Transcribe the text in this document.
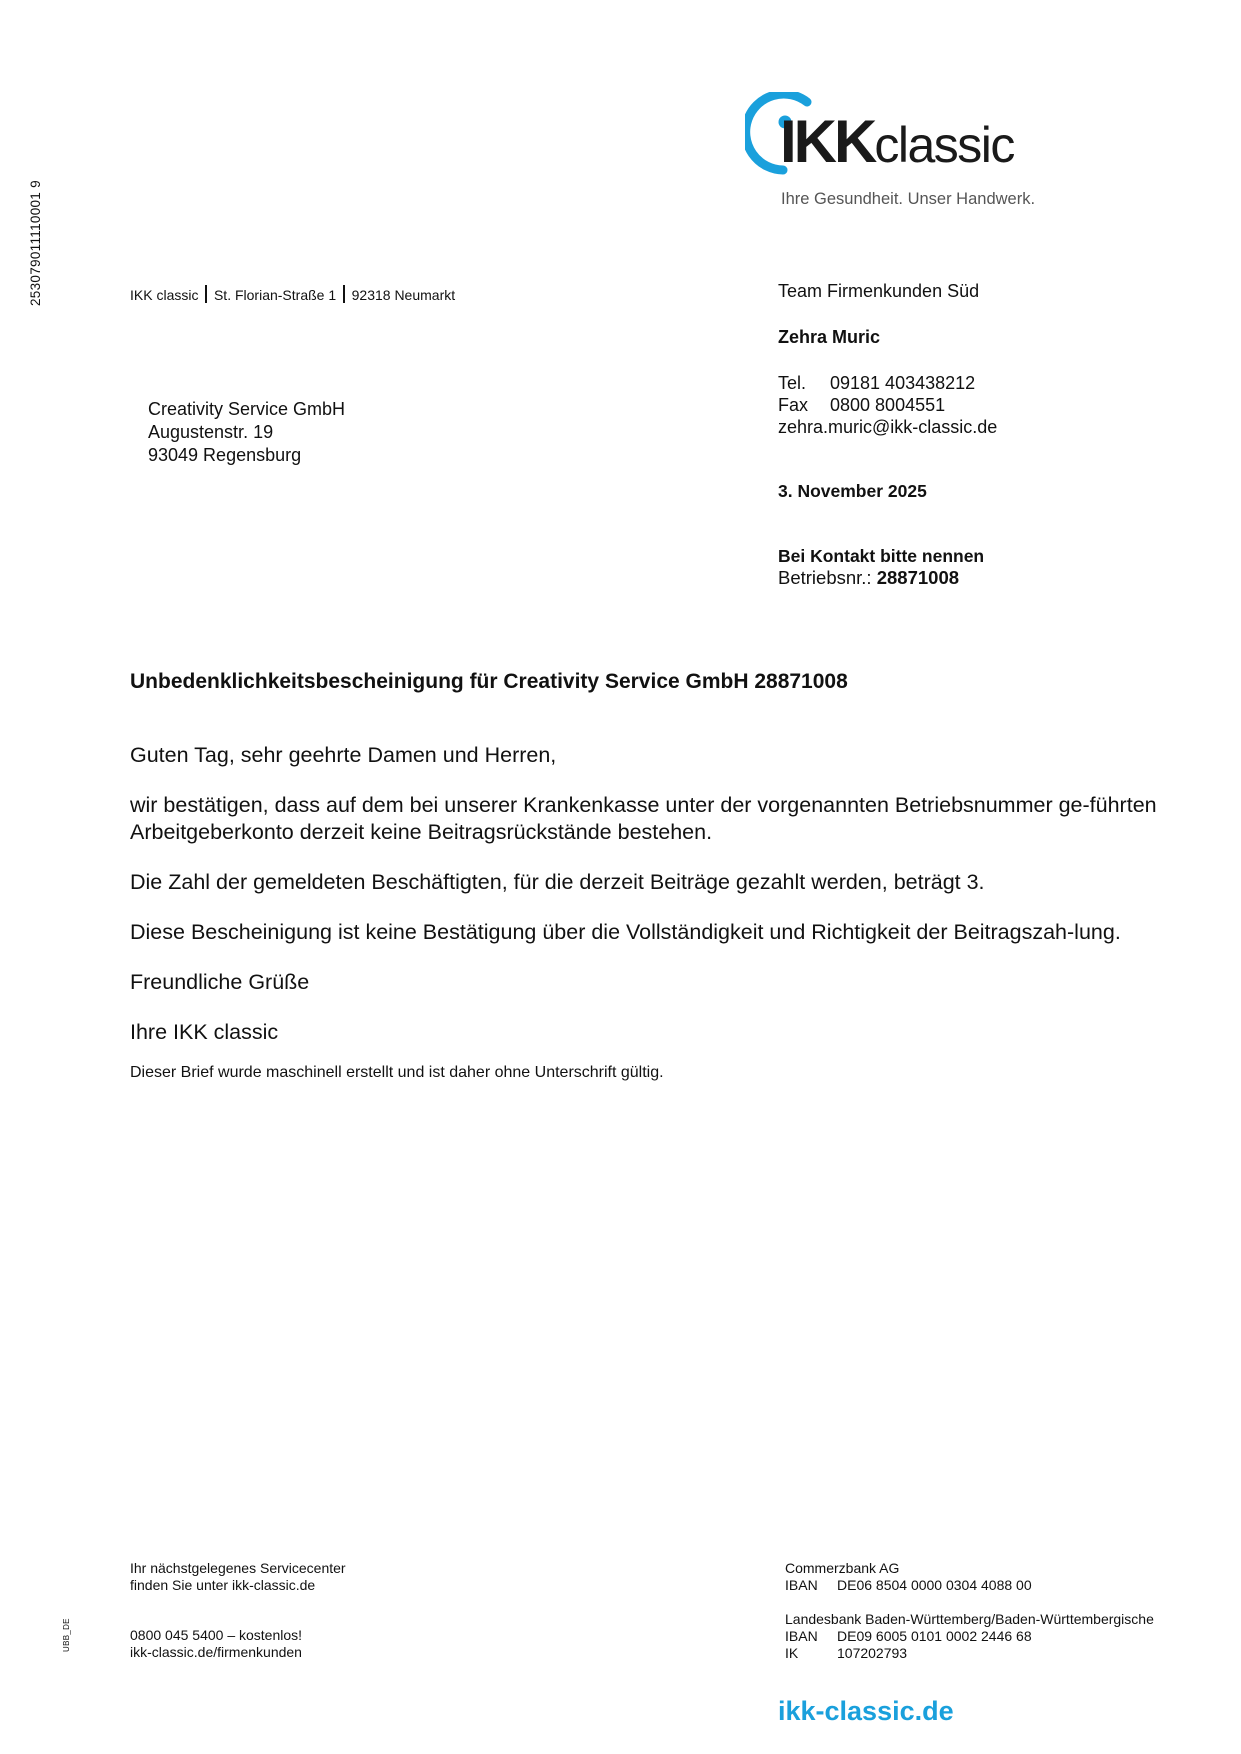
253079011110001 9
UBB_DE
IKKclassic
Ihre Gesundheit. Unser Handwerk.
IKK classic St. Florian-Straße 1 92318 Neumarkt
Creativity Service GmbH
Augustenstr. 19
93049 Regensburg
Team Firmenkunden Süd
Zehra Muric
Tel. 09181 403438212
Fax 0800 8004551
zehra.muric@ikk-classic.de
3. November 2025
Bei Kontakt bitte nennen
Betriebsnr.: 28871008
Unbedenklichkeitsbescheinigung für Creativity Service GmbH 28871008

Guten Tag, sehr geehrte Damen und Herren,

wir bestätigen, dass auf dem bei unserer Krankenkasse unter der vorgenannten Betriebsnummer ge-führten Arbeitgeberkonto derzeit keine Beitragsrückstände bestehen.

Die Zahl der gemeldeten Beschäftigten, für die derzeit Beiträge gezahlt werden, beträgt 3.

Diese Bescheinigung ist keine Bestätigung über die Vollständigkeit und Richtigkeit der Beitragszah-lung.

Freundliche Grüße

Ihre IKK classic

Dieser Brief wurde maschinell erstellt und ist daher ohne Unterschrift gültig.

Ihr nächstgelegenes Servicecenter
finden Sie unter ikk-classic.de
0800 045 5400 – kostenlos!
ikk-classic.de/firmenkunden
Commerzbank AG
IBAN DE06 8504 0000 0304 4088 00
Landesbank Baden-Württemberg/Baden-Württembergische
IBAN DE09 6005 0101 0002 2446 68
IK	107202793
ikk-classic.de
